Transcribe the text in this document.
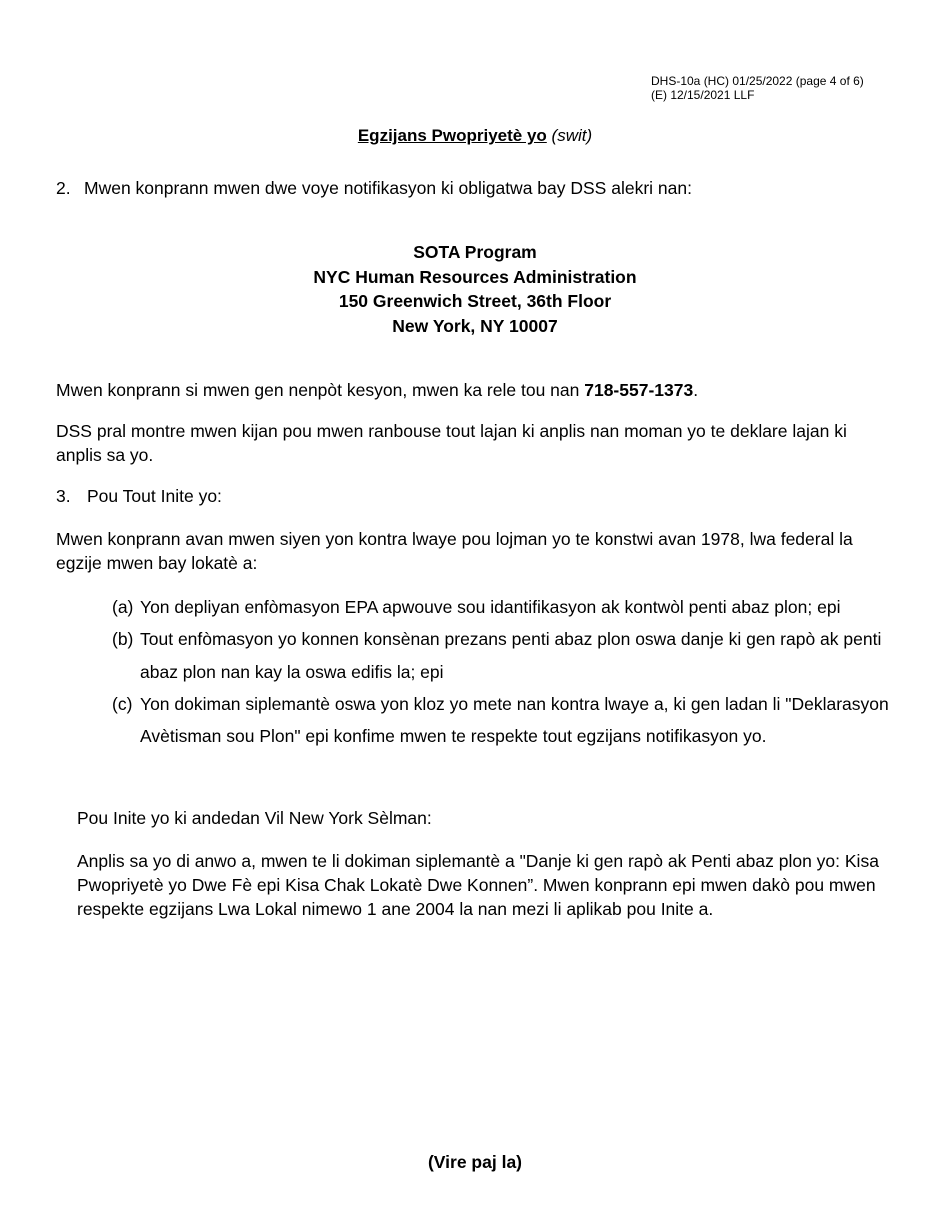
DHS-10a (HC) 01/25/2022 (page 4 of 6)
(E) 12/15/2021 LLF
Egzijans Pwopriyetè yo (swit)
2. Mwen konprann mwen dwe voye notifikasyon ki obligatwa bay DSS alekri nan:
SOTA Program
NYC Human Resources Administration
150 Greenwich Street, 36th Floor
New York, NY 10007
Mwen konprann si mwen gen nenpòt kesyon, mwen ka rele tou nan 718-557-1373.
DSS pral montre mwen kijan pou mwen ranbouse tout lajan ki anplis nan moman yo te deklare lajan ki anplis sa yo.
3. Pou Tout Inite yo:
Mwen konprann avan mwen siyen yon kontra lwaye pou lojman yo te konstwi avan 1978, lwa federal la egzije mwen bay lokatè a:
(a) Yon depliyan enfòmasyon EPA apwouve sou idantifikasyon ak kontwòl penti abaz plon; epi
(b) Tout enfòmasyon yo konnen konsènan prezans penti abaz plon oswa danje ki gen rapò ak penti abaz plon nan kay la oswa edifis la; epi
(c) Yon dokiman siplemantè oswa yon kloz yo mete nan kontra lwaye a, ki gen ladan li "Deklarasyon Avètisman sou Plon" epi konfime mwen te respekte tout egzijans notifikasyon yo.
Pou Inite yo ki andedan Vil New York Sèlman:
Anplis sa yo di anwo a, mwen te li dokiman siplemantè a "Danje ki gen rapò ak Penti abaz plon yo: Kisa Pwopriyetè yo Dwe Fè epi Kisa Chak Lokatè Dwe Konnen”. Mwen konprann epi mwen dakò pou mwen respekte egzijans Lwa Lokal nimewo 1 ane 2004 la nan mezi li aplikab pou Inite a.
(Vire paj la)
